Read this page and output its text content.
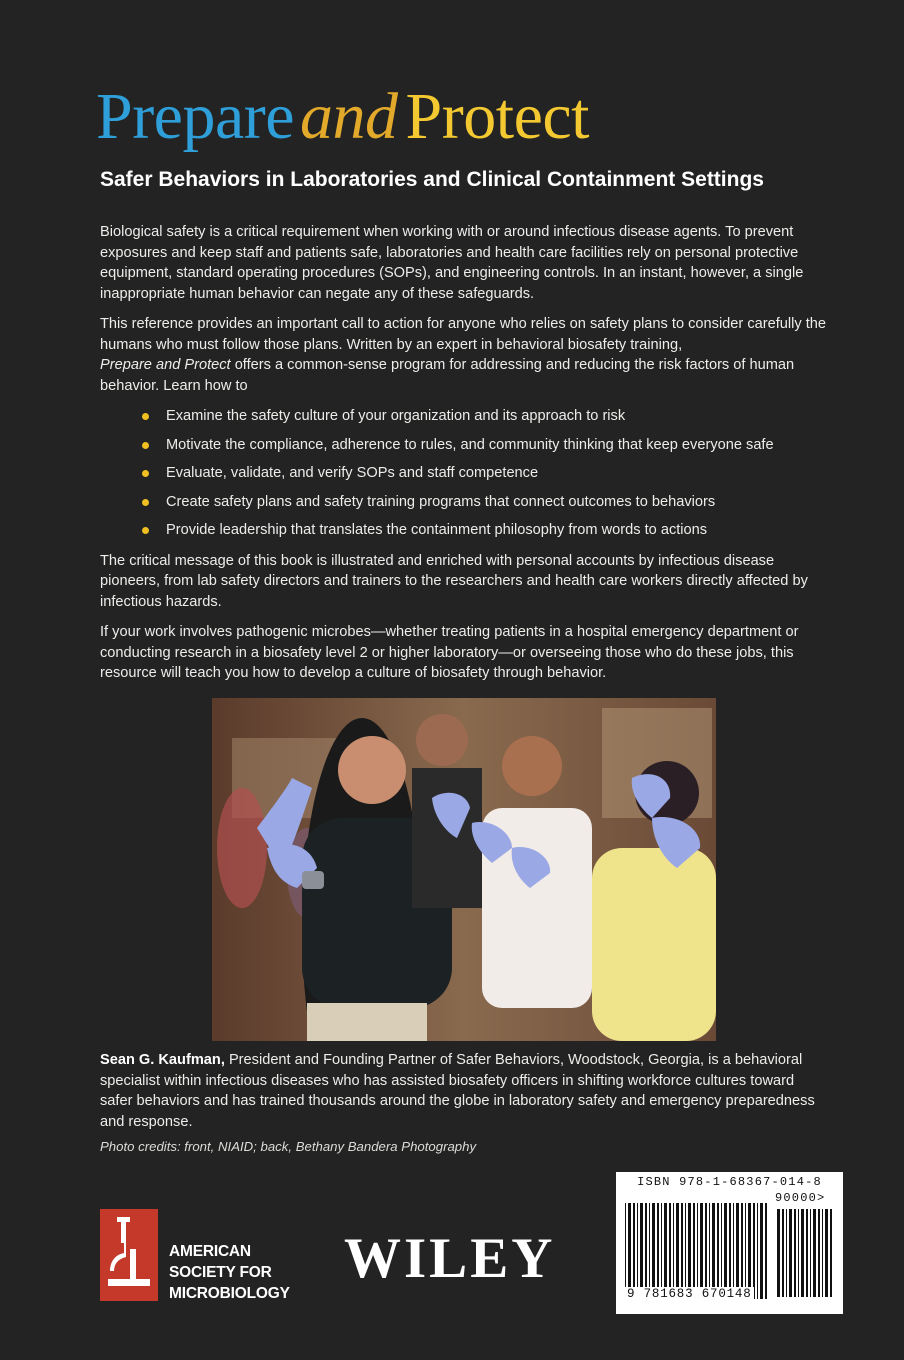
Prepareand Protect
Safer Behaviors in Laboratories and Clinical Containment Settings

Biological safety is a critical requirement when working with or around infectious disease agents. To prevent exposures and keep staff and patients safe, laboratories and health care facilities rely on personal protective equipment, standard operating procedures (SOPs), and engineering controls. In an instant, however, a single inappropriate human behavior can negate any of these safeguards.

This reference provides an important call to action for anyone who relies on safety plans to consider carefully the humans who must follow those plans. Written by an expert in behavioral biosafety training,
Prepare and Protect offers a common-sense program for addressing and reducing the risk factors of human behavior. Learn how to

Examine the safety culture of your organization and its approach to risk
Motivate the compliance, adherence to rules, and community thinking that keep everyone safe
Evaluate, validate, and verify SOPs and staff competence
Create safety plans and safety training programs that connect outcomes to behaviors
Provide leadership that translates the containment philosophy from words to actions

The critical message of this book is illustrated and enriched with personal accounts by infectious disease pioneers, from lab safety directors and trainers to the researchers and health care workers directly affected by infectious hazards.

If your work involves pathogenic microbes—whether treating patients in a hospital emergency department or conducting research in a biosafety level 2 or higher laboratory—or overseeing those who do these jobs, this resource will teach you how to develop a culture of biosafety through behavior.

Sean G. Kaufman, President and Founding Partner of Safer Behaviors, Woodstock, Georgia, is a behavioral specialist within infectious diseases who has assisted biosafety officers in shifting workforce cultures toward safer behaviors and has trained thousands around the globe in laboratory safety and emergency preparedness and response.
Photo credits: front, NIAID; back, Bethany Bandera Photography
AMERICAN
SOCIETY FOR
MICROBIOLOGY
WILEY
ISBN 978-1-68367-014-8
90000>
9 781683 670148
